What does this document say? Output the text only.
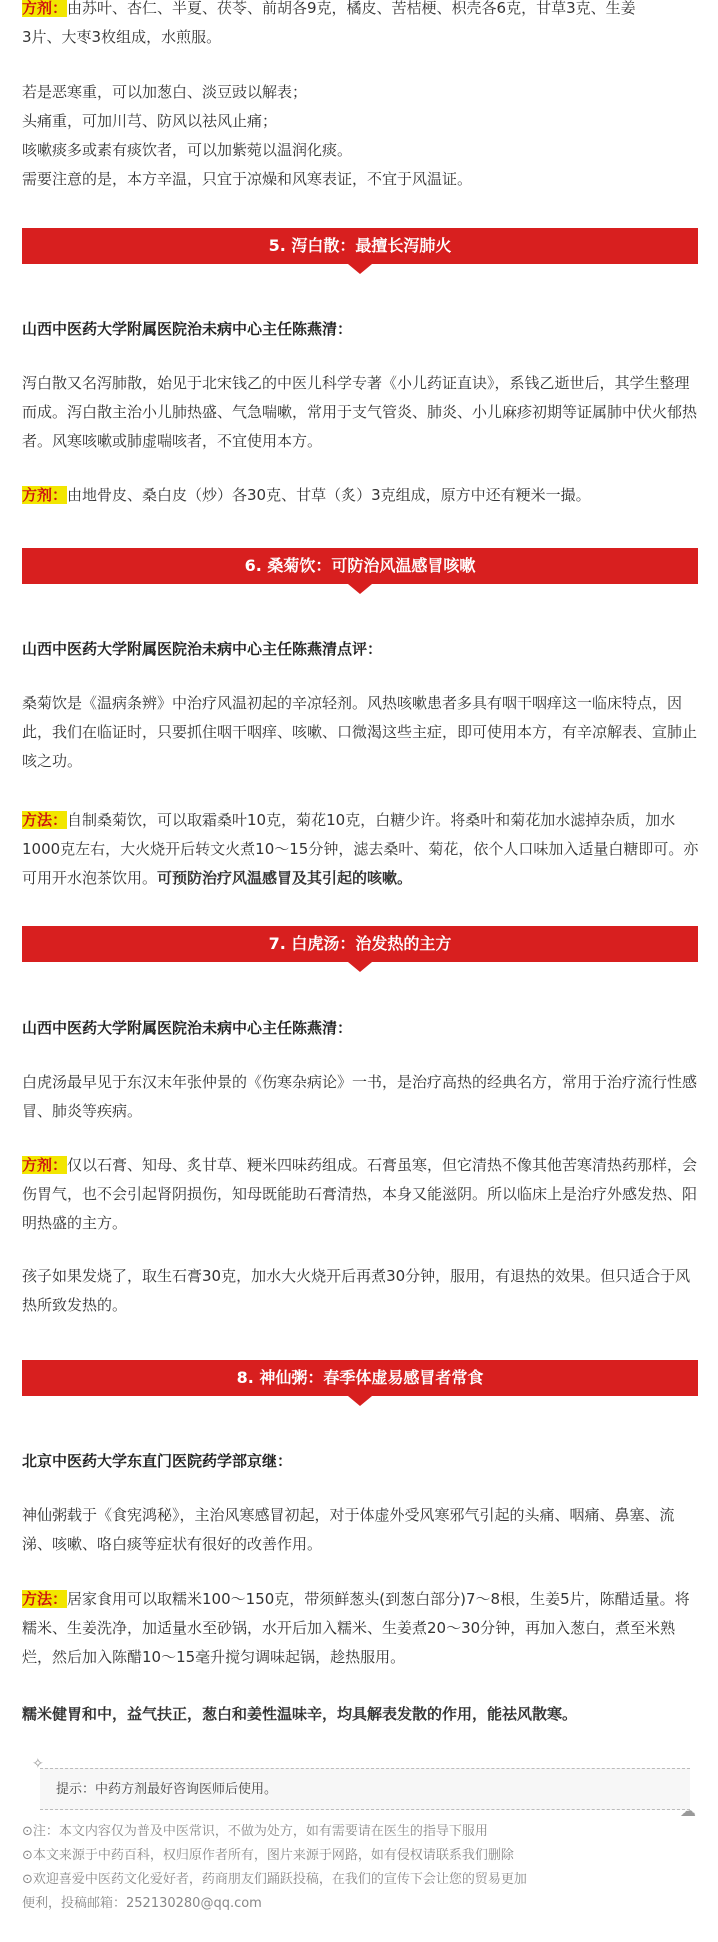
方剂：由苏叶、杏仁、半夏、茯苓、前胡各9克，橘皮、苦桔梗、枳壳各6克，甘草3克、生姜
3片、大枣3枚组成，水煎服。
若是恶寒重，可以加葱白、淡豆豉以解表；
头痛重，可加川芎、防风以祛风止痛；
咳嗽痰多或素有痰饮者，可以加紫菀以温润化痰。
需要注意的是，本方辛温，只宜于凉燥和风寒表证，不宜于风温证。
5. 泻白散：最擅长泻肺火
山西中医药大学附属医院治未病中心主任陈燕清：
泻白散又名泻肺散，始见于北宋钱乙的中医儿科学专著《小儿药证直诀》，系钱乙逝世后，其学生整理而成。泻白散主治小儿肺热盛、气急喘嗽，常用于支气管炎、肺炎、小儿麻疹初期等证属肺中伏火郁热者。风寒咳嗽或肺虚喘咳者，不宜使用本方。
方剂：由地骨皮、桑白皮（炒）各30克、甘草（炙）3克组成，原方中还有粳米一撮。
6. 桑菊饮：可防治风温感冒咳嗽
山西中医药大学附属医院治未病中心主任陈燕清点评：
桑菊饮是《温病条辨》中治疗风温初起的辛凉轻剂。风热咳嗽患者多具有咽干咽痒这一临床特点，因此，我们在临证时，只要抓住咽干咽痒、咳嗽、口微渴这些主症，即可使用本方，有辛凉解表、宣肺止咳之功。
方法：自制桑菊饮，可以取霜桑叶10克，菊花10克，白糖少许。将桑叶和菊花加水滤掉杂质，加水1000克左右，大火烧开后转文火煮10～15分钟，滤去桑叶、菊花，依个人口味加入适量白糖即可。亦可用开水泡茶饮用。可预防治疗风温感冒及其引起的咳嗽。
7. 白虎汤：治发热的主方
山西中医药大学附属医院治未病中心主任陈燕清：
白虎汤最早见于东汉末年张仲景的《伤寒杂病论》一书，是治疗高热的经典名方，常用于治疗流行性感冒、肺炎等疾病。
方剂：仅以石膏、知母、炙甘草、粳米四味药组成。石膏虽寒，但它清热不像其他苦寒清热药那样，会伤胃气，也不会引起肾阴损伤，知母既能助石膏清热，本身又能滋阴。所以临床上是治疗外感发热、阳明热盛的主方。
孩子如果发烧了，取生石膏30克，加水大火烧开后再煮30分钟，服用，有退热的效果。但只适合于风热所致发热的。
8. 神仙粥：春季体虚易感冒者常食
北京中医药大学东直门医院药学部京继：
神仙粥载于《食宪鸿秘》，主治风寒感冒初起，对于体虚外受风寒邪气引起的头痛、咽痛、鼻塞、流涕、咳嗽、咯白痰等症状有很好的改善作用。
方法：居家食用可以取糯米100～150克，带须鲜葱头(到葱白部分)7～8根，生姜5片，陈醋适量。将糯米、生姜洗净，加适量水至砂锅，水开后加入糯米、生姜煮20～30分钟，再加入葱白，煮至米熟烂，然后加入陈醋10～15毫升搅匀调味起锅，趁热服用。
糯米健胃和中，益气扶正，葱白和姜性温味辛，均具解表发散的作用，能祛风散寒。
✧
提示：中药方剂最好咨询医师后使用。
☁
⊙注：本文内容仅为普及中医常识，不做为处方，如有需要请在医生的指导下服用
⊙本文来源于中药百科，权归原作者所有，图片来源于网路，如有侵权请联系我们删除
⊙欢迎喜爱中医药文化爱好者，药商朋友们踊跃投稿，在我们的宣传下会让您的贸易更加
便利，投稿邮箱：252130280@qq.com
